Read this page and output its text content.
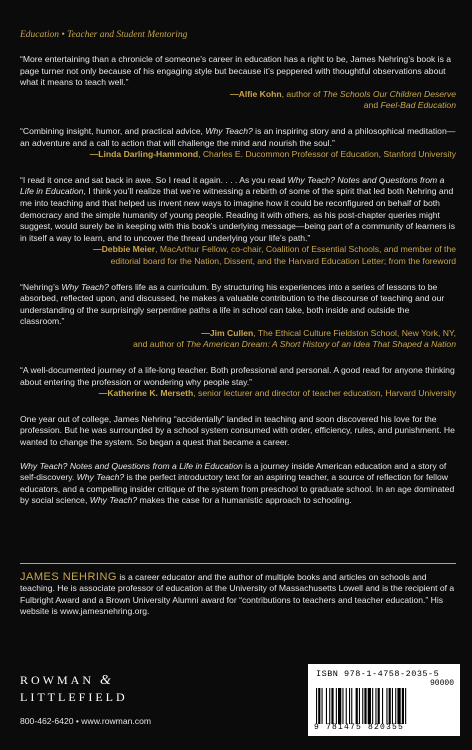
Education • Teacher and Student Mentoring
“More entertaining than a chronicle of someone’s career in education has a right to be, James Nehring’s book is a page turner not only because of his engaging style but because it’s peppered with thoughtful observations about what it means to teach well.”
—Alfie Kohn, author of The Schools Our Children Deserve
and Feel-Bad Education
“Combining insight, humor, and practical advice, Why Teach? is an inspiring story and a philosophical meditation—an adventure and a call to action that will challenge the mind and nourish the soul.”
—Linda Darling-Hammond, Charles E. Ducommon Professor of Education, Stanford University
“I read it once and sat back in awe. So I read it again. . . . As you read Why Teach? Notes and Questions from a Life in Education, I think you’ll realize that we’re witnessing a rebirth of some of the spirit that led both Nehring and me into teaching and that helped us invent new ways to imagine how it could be reconfigured on behalf of both democracy and the simple humanity of young people. Reading it with others, as his post-chapter queries might suggest, would surely be in keeping with this book’s underlying message—being part of a community of learners is in itself a way to learn, and to uncover the thread underlying your life’s path.”
—Debbie Meier, MacArthur Fellow, co-chair, Coalition of Essential Schools, and member of the
editorial board for the Nation, Dissent, and the Harvard Education Letter; from the foreword
“Nehring’s Why Teach? offers life as a curriculum. By structuring his experiences into a series of lessons to be absorbed, reflected upon, and discussed, he makes a valuable contribution to the discourse of teaching and our understanding of the surprisingly serpentine paths a life in school can take, both inside and outside the classroom.”
—Jim Cullen, The Ethical Culture Fieldston School, New York, NY,
and author of The American Dream: A Short History of an Idea That Shaped a Nation
“A well-documented journey of a life-long teacher. Both professional and personal. A good read for anyone thinking about entering the profession or wondering why people stay.”
—Katherine K. Merseth, senior lecturer and director of teacher education, Harvard University
One year out of college, James Nehring “accidentally” landed in teaching and soon discovered his love for the profession. But he was surrounded by a school system consumed with order, efficiency, rules, and punishment. He wanted to change the system. So began a quest that became a career.
Why Teach? Notes and Questions from a Life in Education is a journey inside American education and a story of self-discovery. Why Teach? is the perfect introductory text for an aspiring teacher, a source of reflection for fellow educators, and a compelling insider critique of the system from preschool to graduate school. In an age dominated by social science, Why Teach? makes the case for a humanistic approach to schooling.
JAMES NEHRING is a career educator and the author of multiple books and articles on schools and teaching. He is associate professor of education at the University of Massachusetts Lowell and is the recipient of a Fulbright Award and a Brown University Alumni award for “contributions to teachers and teacher education.” His website is www.jamesnehring.org.
ROWMAN &
LITTLEFIELD
800-462-6420 • www.rowman.com
ISBN 978-1-4758-2035-5
90000
9 781475 820355
